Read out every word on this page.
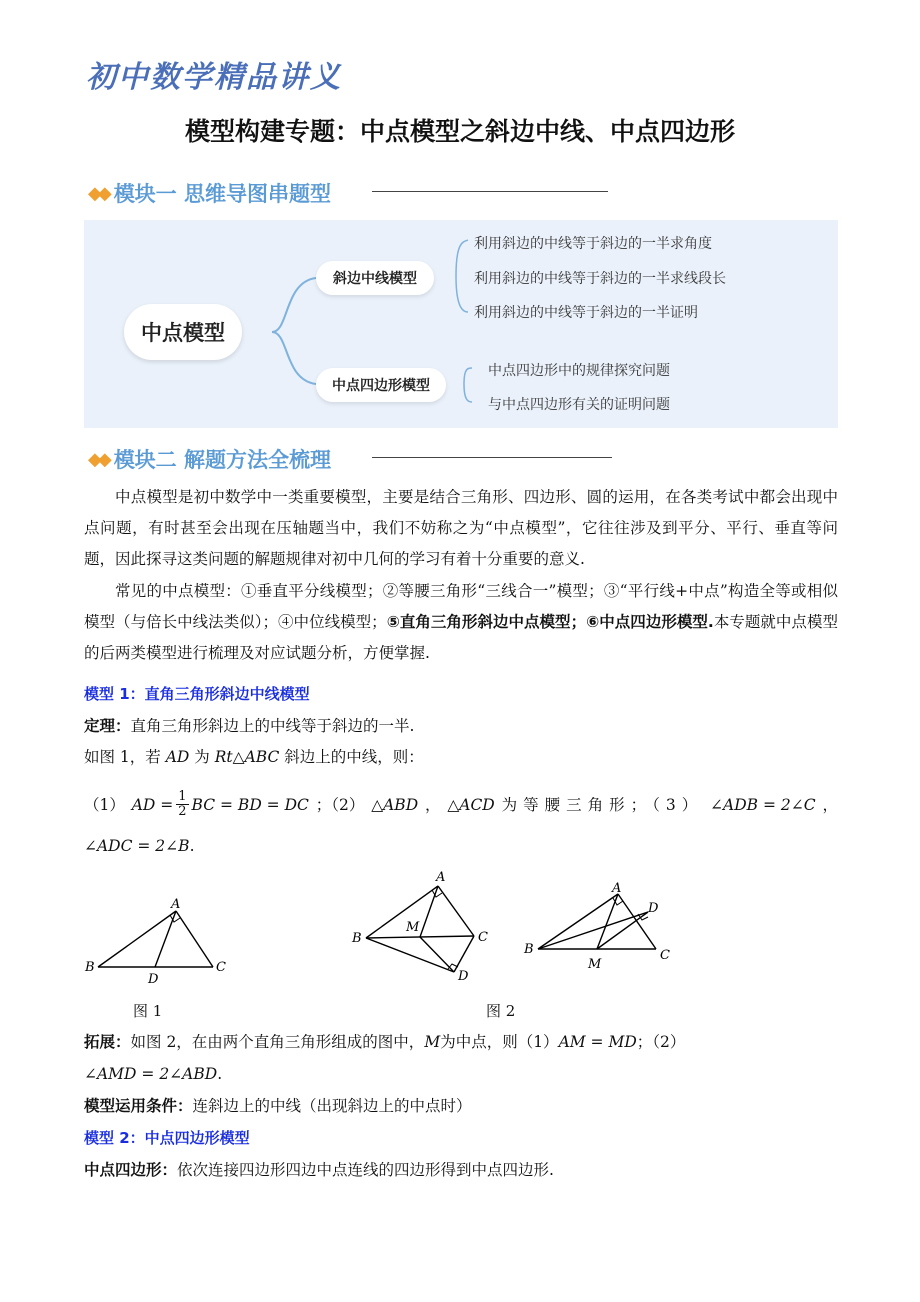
初中数学精品讲义
模型构建专题：中点模型之斜边中线、中点四边形
◆◆ 模块一 思维导图串题型
中点模型
斜边中线模型
中点四边形模型
利用斜边的中线等于斜边的一半求角度
利用斜边的中线等于斜边的一半求线段长
利用斜边的中线等于斜边的一半证明
中点四边形中的规律探究问题
与中点四边形有关的证明问题
◆◆ 模块二 解题方法全梳理
中点模型是初中数学中一类重要模型，主要是结合三角形、四边形、圆的运用，在各类考试中都会出现中点问题，有时甚至会出现在压轴题当中，我们不妨称之为“中点模型”，它往往涉及到平分、平行、垂直等问题，因此探寻这类问题的解题规律对初中几何的学习有着十分重要的意义.
常见的中点模型：①垂直平分线模型；②等腰三角形“三线合一”模型；③“平行线+中点”构造全等或相似模型（与倍长中线法类似）；④中位线模型；⑤直角三角形斜边中点模型；⑥中点四边形模型.本专题就中点模型的后两类模型进行梳理及对应试题分析，方便掌握.
模型 1：直角三角形斜边中线模型
定理：直角三角形斜边上的中线等于斜边的一半.
如图 1，若 AD 为 Rt△ABC 斜边上的中线，则：
（1） AD = $\frac{1}{2}$ BC = BD = DC ；（2） △ABD ， △ACD 为等腰三角形；（3） ∠ADB = 2∠C ，
∠ADC = 2∠B.
A
B	C
D
图 1
A
B	C
D
M
图 2
A
B	C
D
M
拓展：如图 2，在由两个直角三角形组成的图中，M为中点，则（1）AM = MD；（2）
∠AMD = 2∠ABD.
模型运用条件：连斜边上的中线（出现斜边上的中点时）
模型 2：中点四边形模型
中点四边形：依次连接四边形四边中点连线的四边形得到中点四边形.
